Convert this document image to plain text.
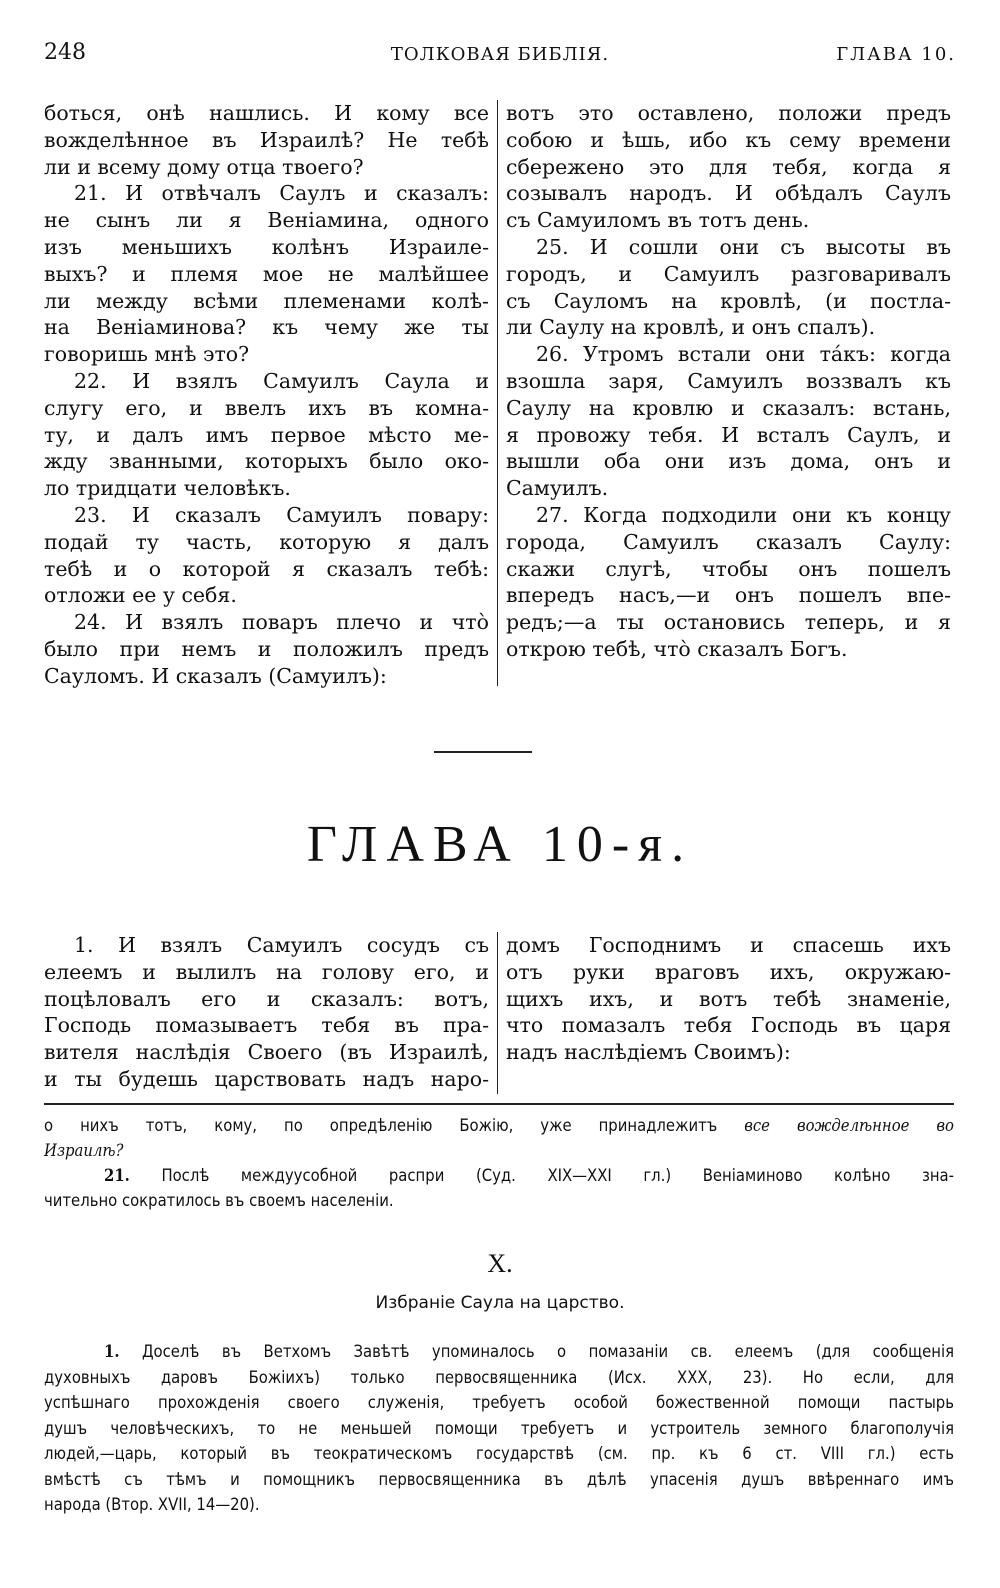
248	ТОЛКОВАЯ БИБЛІЯ.	ГЛАВА 10.
боться, онѣ нашлись. И кому все
вожделѣнное въ Израилѣ? Не тебѣ
ли и всему дому отца твоего?
21. И отвѣчалъ Саулъ и сказалъ:
не сынъ ли я Веніамина, одного
изъ меньшихъ колѣнъ Израиле-
выхъ? и племя мое не малѣйшее
ли между всѣми племенами колѣ-
на Веніаминова? къ чему же ты
говоришь мнѣ это?
22. И взялъ Самуилъ Саула и
слугу его, и ввелъ ихъ въ комна-
ту, и далъ имъ первое мѣсто ме-
жду званными, которыхъ было око-
ло тридцати человѣкъ.
23. И сказалъ Самуилъ повару:
подай ту часть, которую я далъ
тебѣ и о которой я сказалъ тебѣ:
отложи ее у себя.
24. И взялъ поваръ плечо и что̀
было при немъ и положилъ предъ
Сауломъ. И сказалъ (Самуилъ):
вотъ это оставлено, положи предъ
собою и ѣшь, ибо къ сему времени
сбережено это для тебя, когда я
созывалъ народъ. И обѣдалъ Саулъ
съ Самуиломъ въ тотъ день.
25. И сошли они съ высоты въ
городъ, и Самуилъ разговаривалъ
съ Сауломъ на кровлѣ, (и постла-
ли Саулу на кровлѣ, и онъ спалъ).
26. Утромъ встали они та́къ: когда
взошла заря, Самуилъ воззвалъ къ
Саулу на кровлю и сказалъ: встань,
я провожу тебя. И всталъ Саулъ, и
вышли оба они изъ дома, онъ и
Самуилъ.
27. Когда подходили они къ концу
города, Самуилъ сказалъ Саулу:
скажи слугѣ, чтобы онъ пошелъ
впередъ насъ,—и онъ пошелъ впе-
редъ;—а ты остановись теперь, и я
открою тебѣ, что̀ сказалъ Богъ.
ГЛАВА 10-я.
1. И взялъ Самуилъ сосудъ съ
елеемъ и вылилъ на голову его, и
поцѣловалъ его и сказалъ: вотъ,
Господь помазываетъ тебя въ пра-
вителя наслѣдія Своего (въ Израилѣ,
и ты будешь царствовать надъ наро-
домъ Господнимъ и спасешь ихъ
отъ руки враговъ ихъ, окружаю-
щихъ ихъ, и вотъ тебѣ знаменіе,
что помазалъ тебя Господь въ царя
надъ наслѣдіемъ Своимъ):
о нихъ тотъ, кому, по опредѣленію Божію, уже принадлежитъ все вожделѣнное во
Израилѣ?
21. Послѣ междуусобной распри (Суд. XIX—XXI гл.) Веніаминово колѣно зна-
чительно сократилось въ своемъ населеніи.
X.
Избраніе Саула на царство.
1. Доселѣ въ Ветхомъ Завѣтѣ упоминалось о помазаніи св. елеемъ (для сообщенія
духовныхъ даровъ Божіихъ) только первосвященника (Исх. XXX, 23). Но если, для
успѣшнаго прохожденія своего служенія, требуетъ особой божественной помощи пастырь
душъ человѣческихъ, то не меньшей помощи требуетъ и устроитель земного благополучія
людей,—царь, который въ теократическомъ государствѣ (см. пр. къ 6 ст. VIII гл.) есть
вмѣстѣ съ тѣмъ и помощникъ первосвященника въ дѣлѣ упасенія душъ ввѣреннаго имъ
народа (Втор. XVII, 14—20).
